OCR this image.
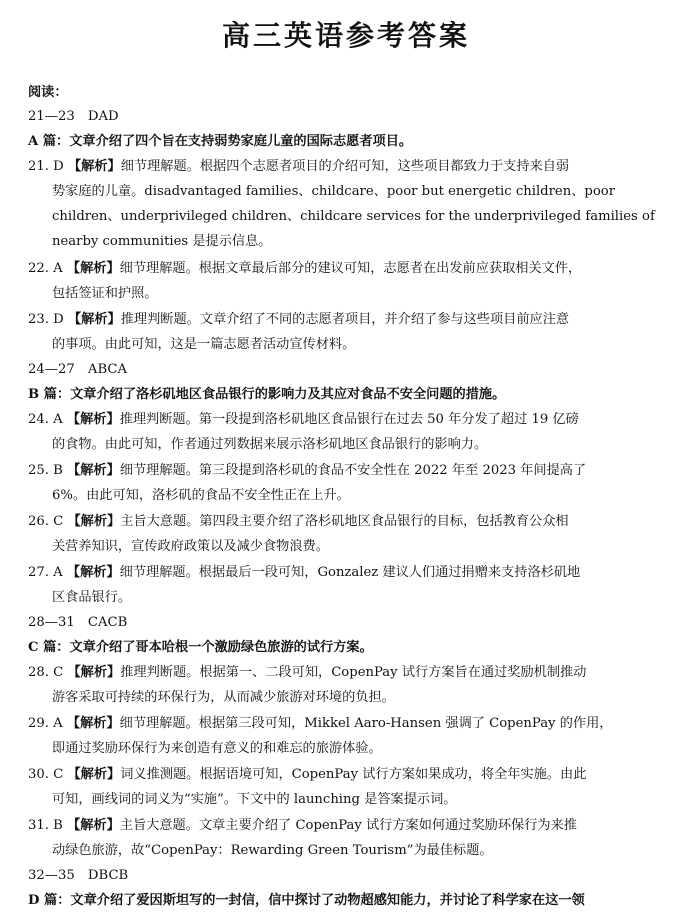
高三英语参考答案
阅读：
21—23　DAD
A 篇：文章介绍了四个旨在支持弱势家庭儿童的国际志愿者项目。
21. D 【解析】细节理解题。根据四个志愿者项目的介绍可知，这些项目都致力于支持来自弱
势家庭的儿童。disadvantaged families、childcare、poor but energetic children、poor
children、underprivileged children、childcare services for the underprivileged families of
nearby communities 是提示信息。
22. A 【解析】细节理解题。根据文章最后部分的建议可知，志愿者在出发前应获取相关文件，
包括签证和护照。
23. D 【解析】推理判断题。文章介绍了不同的志愿者项目，并介绍了参与这些项目前应注意
的事项。由此可知，这是一篇志愿者活动宣传材料。
24—27　ABCA
B 篇：文章介绍了洛杉矶地区食品银行的影响力及其应对食品不安全问题的措施。
24. A 【解析】推理判断题。第一段提到洛杉矶地区食品银行在过去 50 年分发了超过 19 亿磅
的食物。由此可知，作者通过列数据来展示洛杉矶地区食品银行的影响力。
25. B 【解析】细节理解题。第三段提到洛杉矶的食品不安全性在 2022 年至 2023 年间提高了
6%。由此可知，洛杉矶的食品不安全性正在上升。
26. C 【解析】主旨大意题。第四段主要介绍了洛杉矶地区食品银行的目标，包括教育公众相
关营养知识，宣传政府政策以及减少食物浪费。
27. A 【解析】细节理解题。根据最后一段可知，Gonzalez 建议人们通过捐赠来支持洛杉矶地
区食品银行。
28—31　CACB
C 篇：文章介绍了哥本哈根一个激励绿色旅游的试行方案。
28. C 【解析】推理判断题。根据第一、二段可知，CopenPay 试行方案旨在通过奖励机制推动
游客采取可持续的环保行为，从而减少旅游对环境的负担。
29. A 【解析】细节理解题。根据第三段可知，Mikkel Aaro-Hansen 强调了 CopenPay 的作用，
即通过奖励环保行为来创造有意义的和难忘的旅游体验。
30. C 【解析】词义推测题。根据语境可知，CopenPay 试行方案如果成功，将全年实施。由此
可知，画线词的词义为“实施”。下文中的 launching 是答案提示词。
31. B 【解析】主旨大意题。文章主要介绍了 CopenPay 试行方案如何通过奖励环保行为来推
动绿色旅游，故“CopenPay：Rewarding Green Tourism”为最佳标题。
32—35　DBCB
D 篇：文章介绍了爱因斯坦写的一封信，信中探讨了动物超感知能力，并讨论了科学家在这一领
